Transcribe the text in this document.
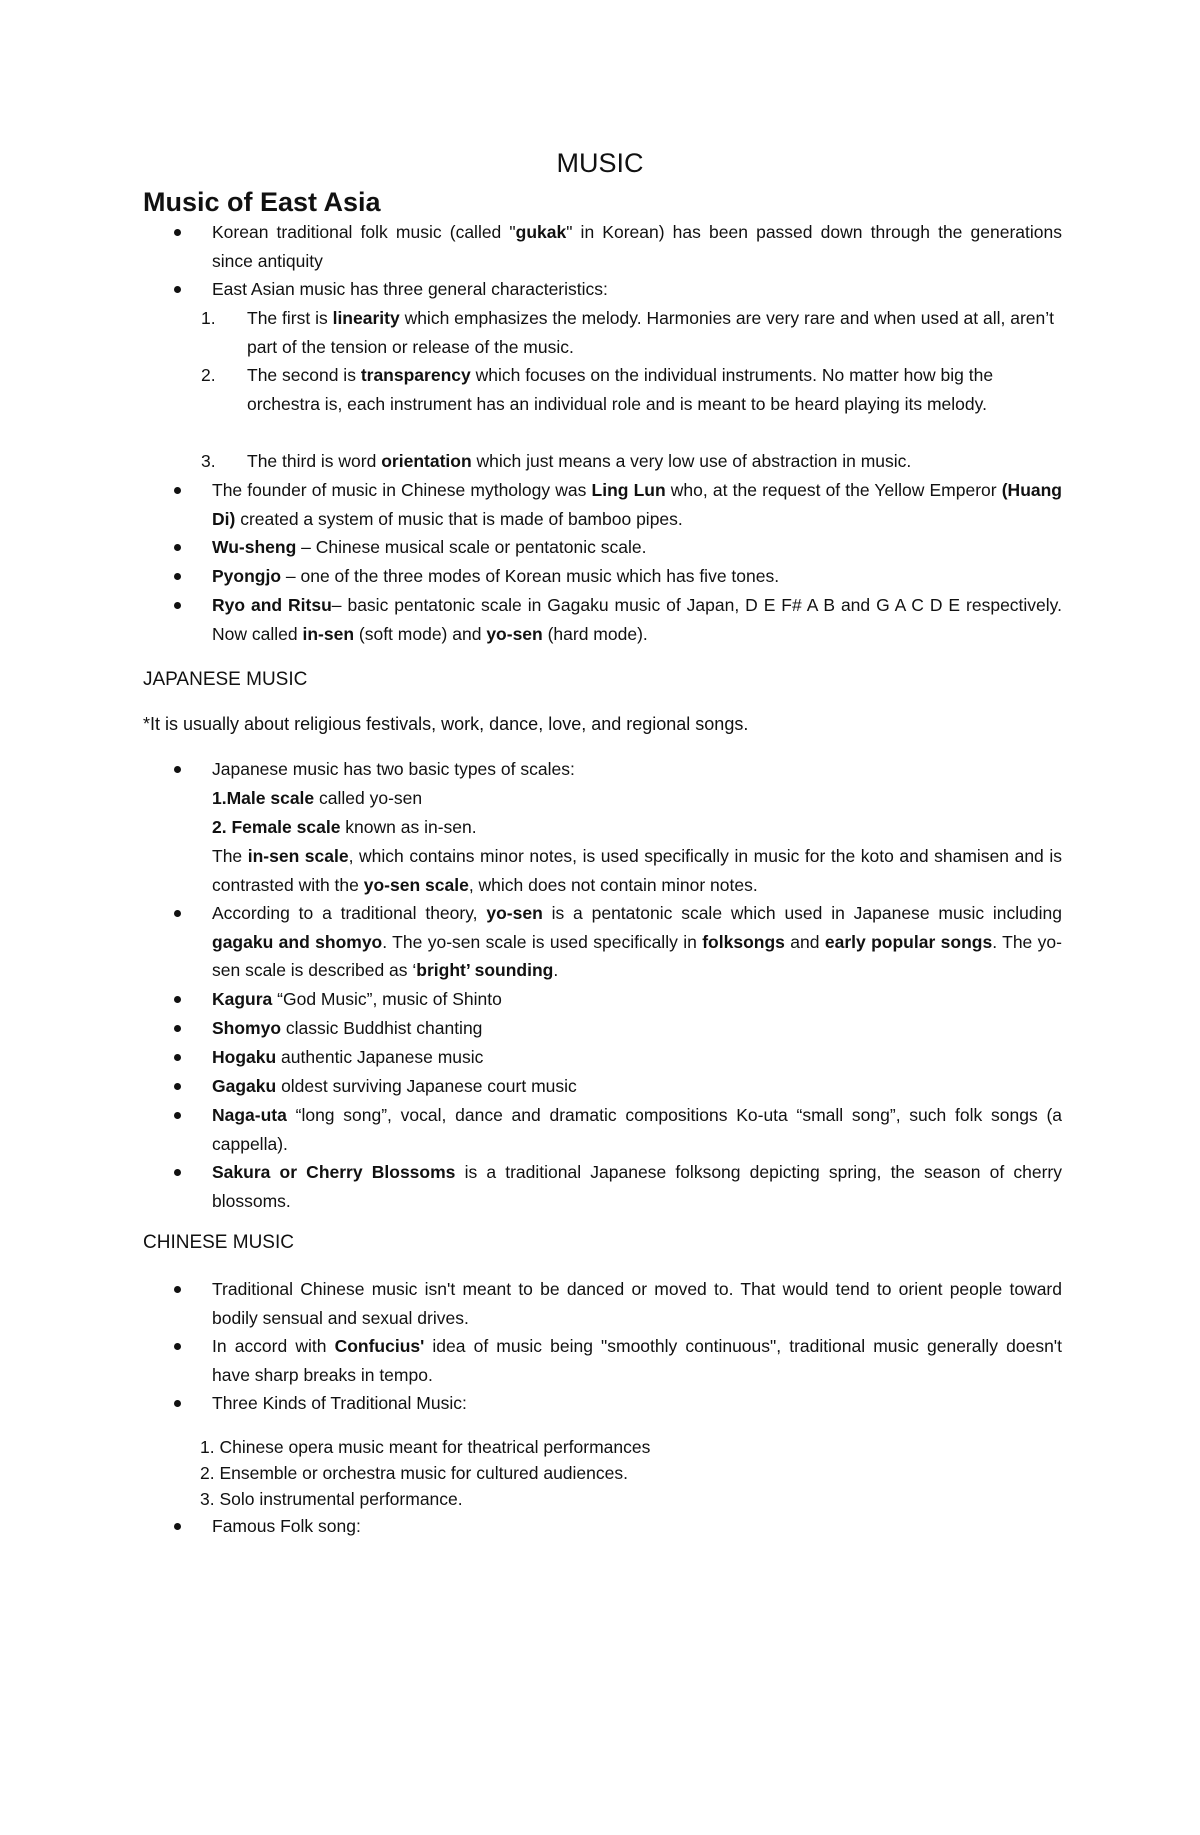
MUSIC
Music of East Asia
Korean traditional folk music (called "gukak" in Korean) has been passed down through the generations since antiquity
East Asian music has three general characteristics:
1.	The first is linearity which emphasizes the melody. Harmonies are very rare and when used at all, aren’t part of the tension or release of the music.
2.	The second is transparency which focuses on the individual instruments. No matter how big the orchestra is, each instrument has an individual role and is meant to be heard playing its melody.
3.	The third is word orientation which just means a very low use of abstraction in music.
The founder of music in Chinese mythology was Ling Lun who, at the request of the Yellow Emperor (Huang Di) created a system of music that is made of bamboo pipes.
Wu-sheng – Chinese musical scale or pentatonic scale.
Pyongjo – one of the three modes of Korean music which has five tones.
Ryo and Ritsu– basic pentatonic scale in Gagaku music of Japan, D E F# A B and G A C D E respectively. Now called in-sen (soft mode) and yo-sen (hard mode).
JAPANESE MUSIC
*It is usually about religious festivals, work, dance, love, and regional songs.
Japanese music has two basic types of scales:
1.Male scale called yo-sen
2. Female scale known as in-sen.
The in-sen scale, which contains minor notes, is used specifically in music for the koto and shamisen and is contrasted with the yo-sen scale, which does not contain minor notes.
According to a traditional theory, yo-sen is a pentatonic scale which used in Japanese music including gagaku and shomyo. The yo-sen scale is used specifically in folksongs and early popular songs. The yo-sen scale is described as ‘bright’ sounding.
Kagura “God Music”, music of Shinto
Shomyo classic Buddhist chanting
Hogaku authentic Japanese music
Gagaku oldest surviving Japanese court music
Naga-uta “long song”, vocal, dance and dramatic compositions Ko-uta “small song”, such folk songs (a cappella).
Sakura or Cherry Blossoms is a traditional Japanese folksong depicting spring, the season of cherry blossoms.
CHINESE MUSIC
Traditional Chinese music isn't meant to be danced or moved to. That would tend to orient people toward bodily sensual and sexual drives.
In accord with Confucius' idea of music being "smoothly continuous", traditional music generally doesn't have sharp breaks in tempo.
Three Kinds of Traditional Music:
1. Chinese opera music meant for theatrical performances
2. Ensemble or orchestra music for cultured audiences.
3. Solo instrumental performance.
Famous Folk song:
